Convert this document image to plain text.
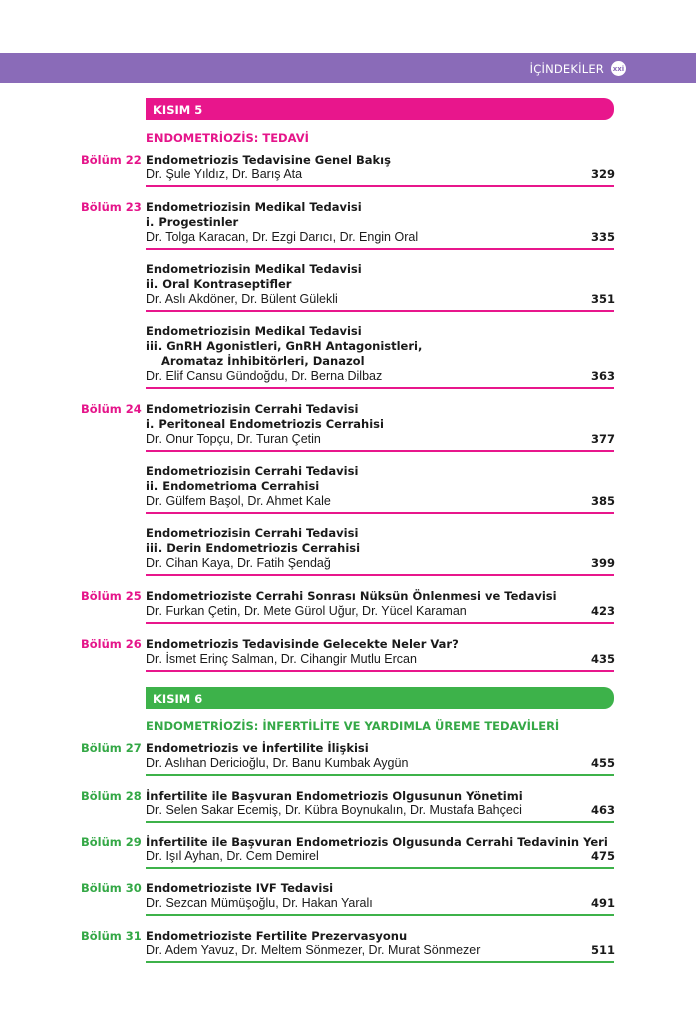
İÇİNDEKİLER xxi
KISIM 5
ENDOMETRİOZİS: TEDAVİ
Bölüm 22 Endometriozis Tedavisine Genel Bakış
Dr. Şule Yıldız, Dr. Barış Ata	329
Bölüm 23 Endometriozisin Medikal Tedavisi
i. Progestinler
Dr. Tolga Karacan, Dr. Ezgi Darıcı, Dr. Engin Oral	335
Endometriozisin Medikal Tedavisi
ii. Oral Kontraseptifler
Dr. Aslı Akdöner, Dr. Bülent Gülekli	351
Endometriozisin Medikal Tedavisi
iii. GnRH Agonistleri, GnRH Antagonistleri,
Aromataz İnhibitörleri, Danazol
Dr. Elif Cansu Gündoğdu, Dr. Berna Dilbaz	363
Bölüm 24 Endometriozisin Cerrahi Tedavisi
i. Peritoneal Endometriozis Cerrahisi
Dr. Onur Topçu, Dr. Turan Çetin	377
Endometriozisin Cerrahi Tedavisi
ii. Endometrioma Cerrahisi
Dr. Gülfem Başol, Dr. Ahmet Kale	385
Endometriozisin Cerrahi Tedavisi
iii. Derin Endometriozis Cerrahisi
Dr. Cihan Kaya, Dr. Fatih Şendağ	399
Bölüm 25 Endometrioziste Cerrahi Sonrası Nüksün Önlenmesi ve Tedavisi
Dr. Furkan Çetin, Dr. Mete Gürol Uğur, Dr. Yücel Karaman	423
Bölüm 26 Endometriozis Tedavisinde Gelecekte Neler Var?
Dr. İsmet Erinç Salman, Dr. Cihangir Mutlu Ercan	435
KISIM 6
ENDOMETRİOZİS: İNFERTİLİTE VE YARDIMLA ÜREME TEDAVİLERİ
Bölüm 27 Endometriozis ve İnfertilite İlişkisi
Dr. Aslıhan Dericioğlu, Dr. Banu Kumbak Aygün	455
Bölüm 28 İnfertilite ile Başvuran Endometriozis Olgusunun Yönetimi
Dr. Selen Sakar Ecemiş, Dr. Kübra Boynukalın, Dr. Mustafa Bahçeci	463
Bölüm 29 İnfertilite ile Başvuran Endometriozis Olgusunda Cerrahi Tedavinin Yeri
Dr. Işıl Ayhan, Dr. Cem Demirel	475
Bölüm 30 Endometrioziste IVF Tedavisi
Dr. Sezcan Mümüşoğlu, Dr. Hakan Yaralı	491
Bölüm 31 Endometrioziste Fertilite Prezervasyonu
Dr. Adem Yavuz, Dr. Meltem Sönmezer, Dr. Murat Sönmezer	511
